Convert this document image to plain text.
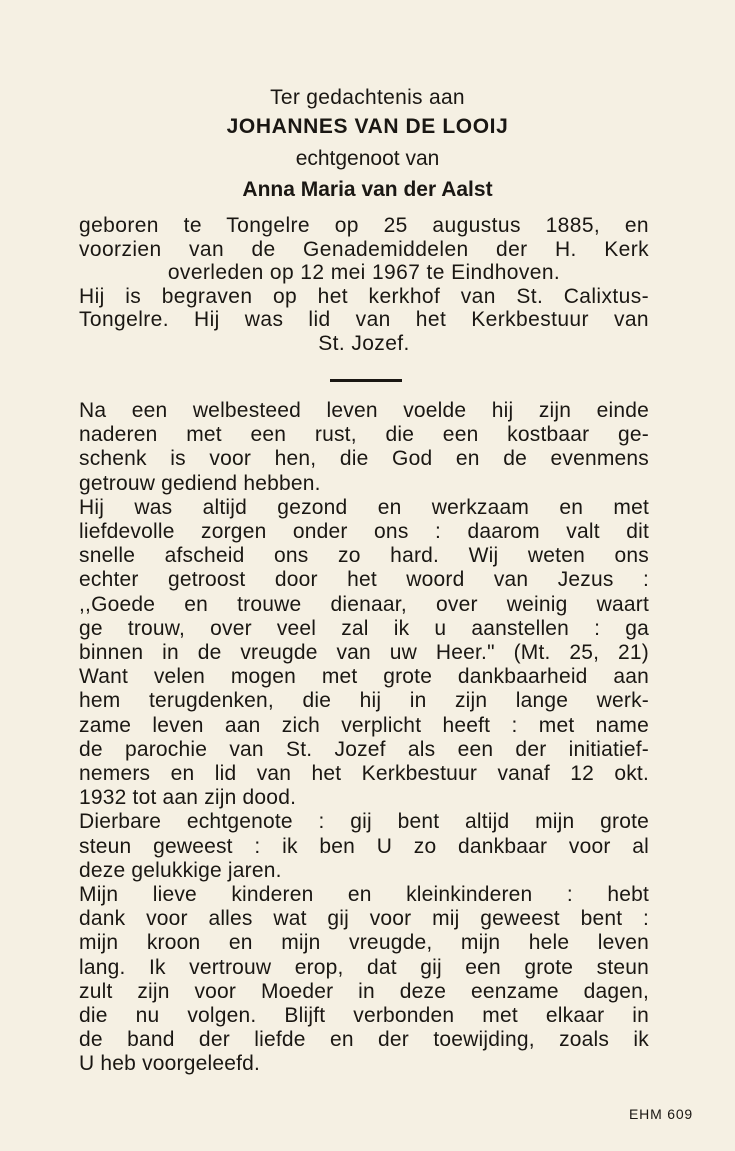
Ter gedachtenis aan
JOHANNES VAN DE LOOIJ
echtgenoot van
Anna Maria van der Aalst
geboren te Tongelre op 25 augustus 1885, en
voorzien van de Genademiddelen der H. Kerk
overleden op 12 mei 1967 te Eindhoven.
Hij is begraven op het kerkhof van St. Calixtus-
Tongelre. Hij was lid van het Kerkbestuur van
St. Jozef.
Na een welbesteed leven voelde hij zijn einde
naderen met een rust, die een kostbaar ge-
schenk is voor hen, die God en de evenmens
getrouw gediend hebben.
Hij was altijd gezond en werkzaam en met
liefdevolle zorgen onder ons : daarom valt dit
snelle afscheid ons zo hard. Wij weten ons
echter getroost door het woord van Jezus :
,,Goede en trouwe dienaar, over weinig waart
ge trouw, over veel zal ik u aanstellen : ga
binnen in de vreugde van uw Heer." (Mt. 25, 21)
Want velen mogen met grote dankbaarheid aan
hem terugdenken, die hij in zijn lange werk-
zame leven aan zich verplicht heeft : met name
de parochie van St. Jozef als een der initiatief-
nemers en lid van het Kerkbestuur vanaf 12 okt.
1932 tot aan zijn dood.
Dierbare echtgenote : gij bent altijd mijn grote
steun geweest : ik ben U zo dankbaar voor al
deze gelukkige jaren.
Mijn lieve kinderen en kleinkinderen : hebt
dank voor alles wat gij voor mij geweest bent :
mijn kroon en mijn vreugde, mijn hele leven
lang. Ik vertrouw erop, dat gij een grote steun
zult zijn voor Moeder in deze eenzame dagen,
die nu volgen. Blijft verbonden met elkaar in
de band der liefde en der toewijding, zoals ik
U heb voorgeleefd.
EHM 609
